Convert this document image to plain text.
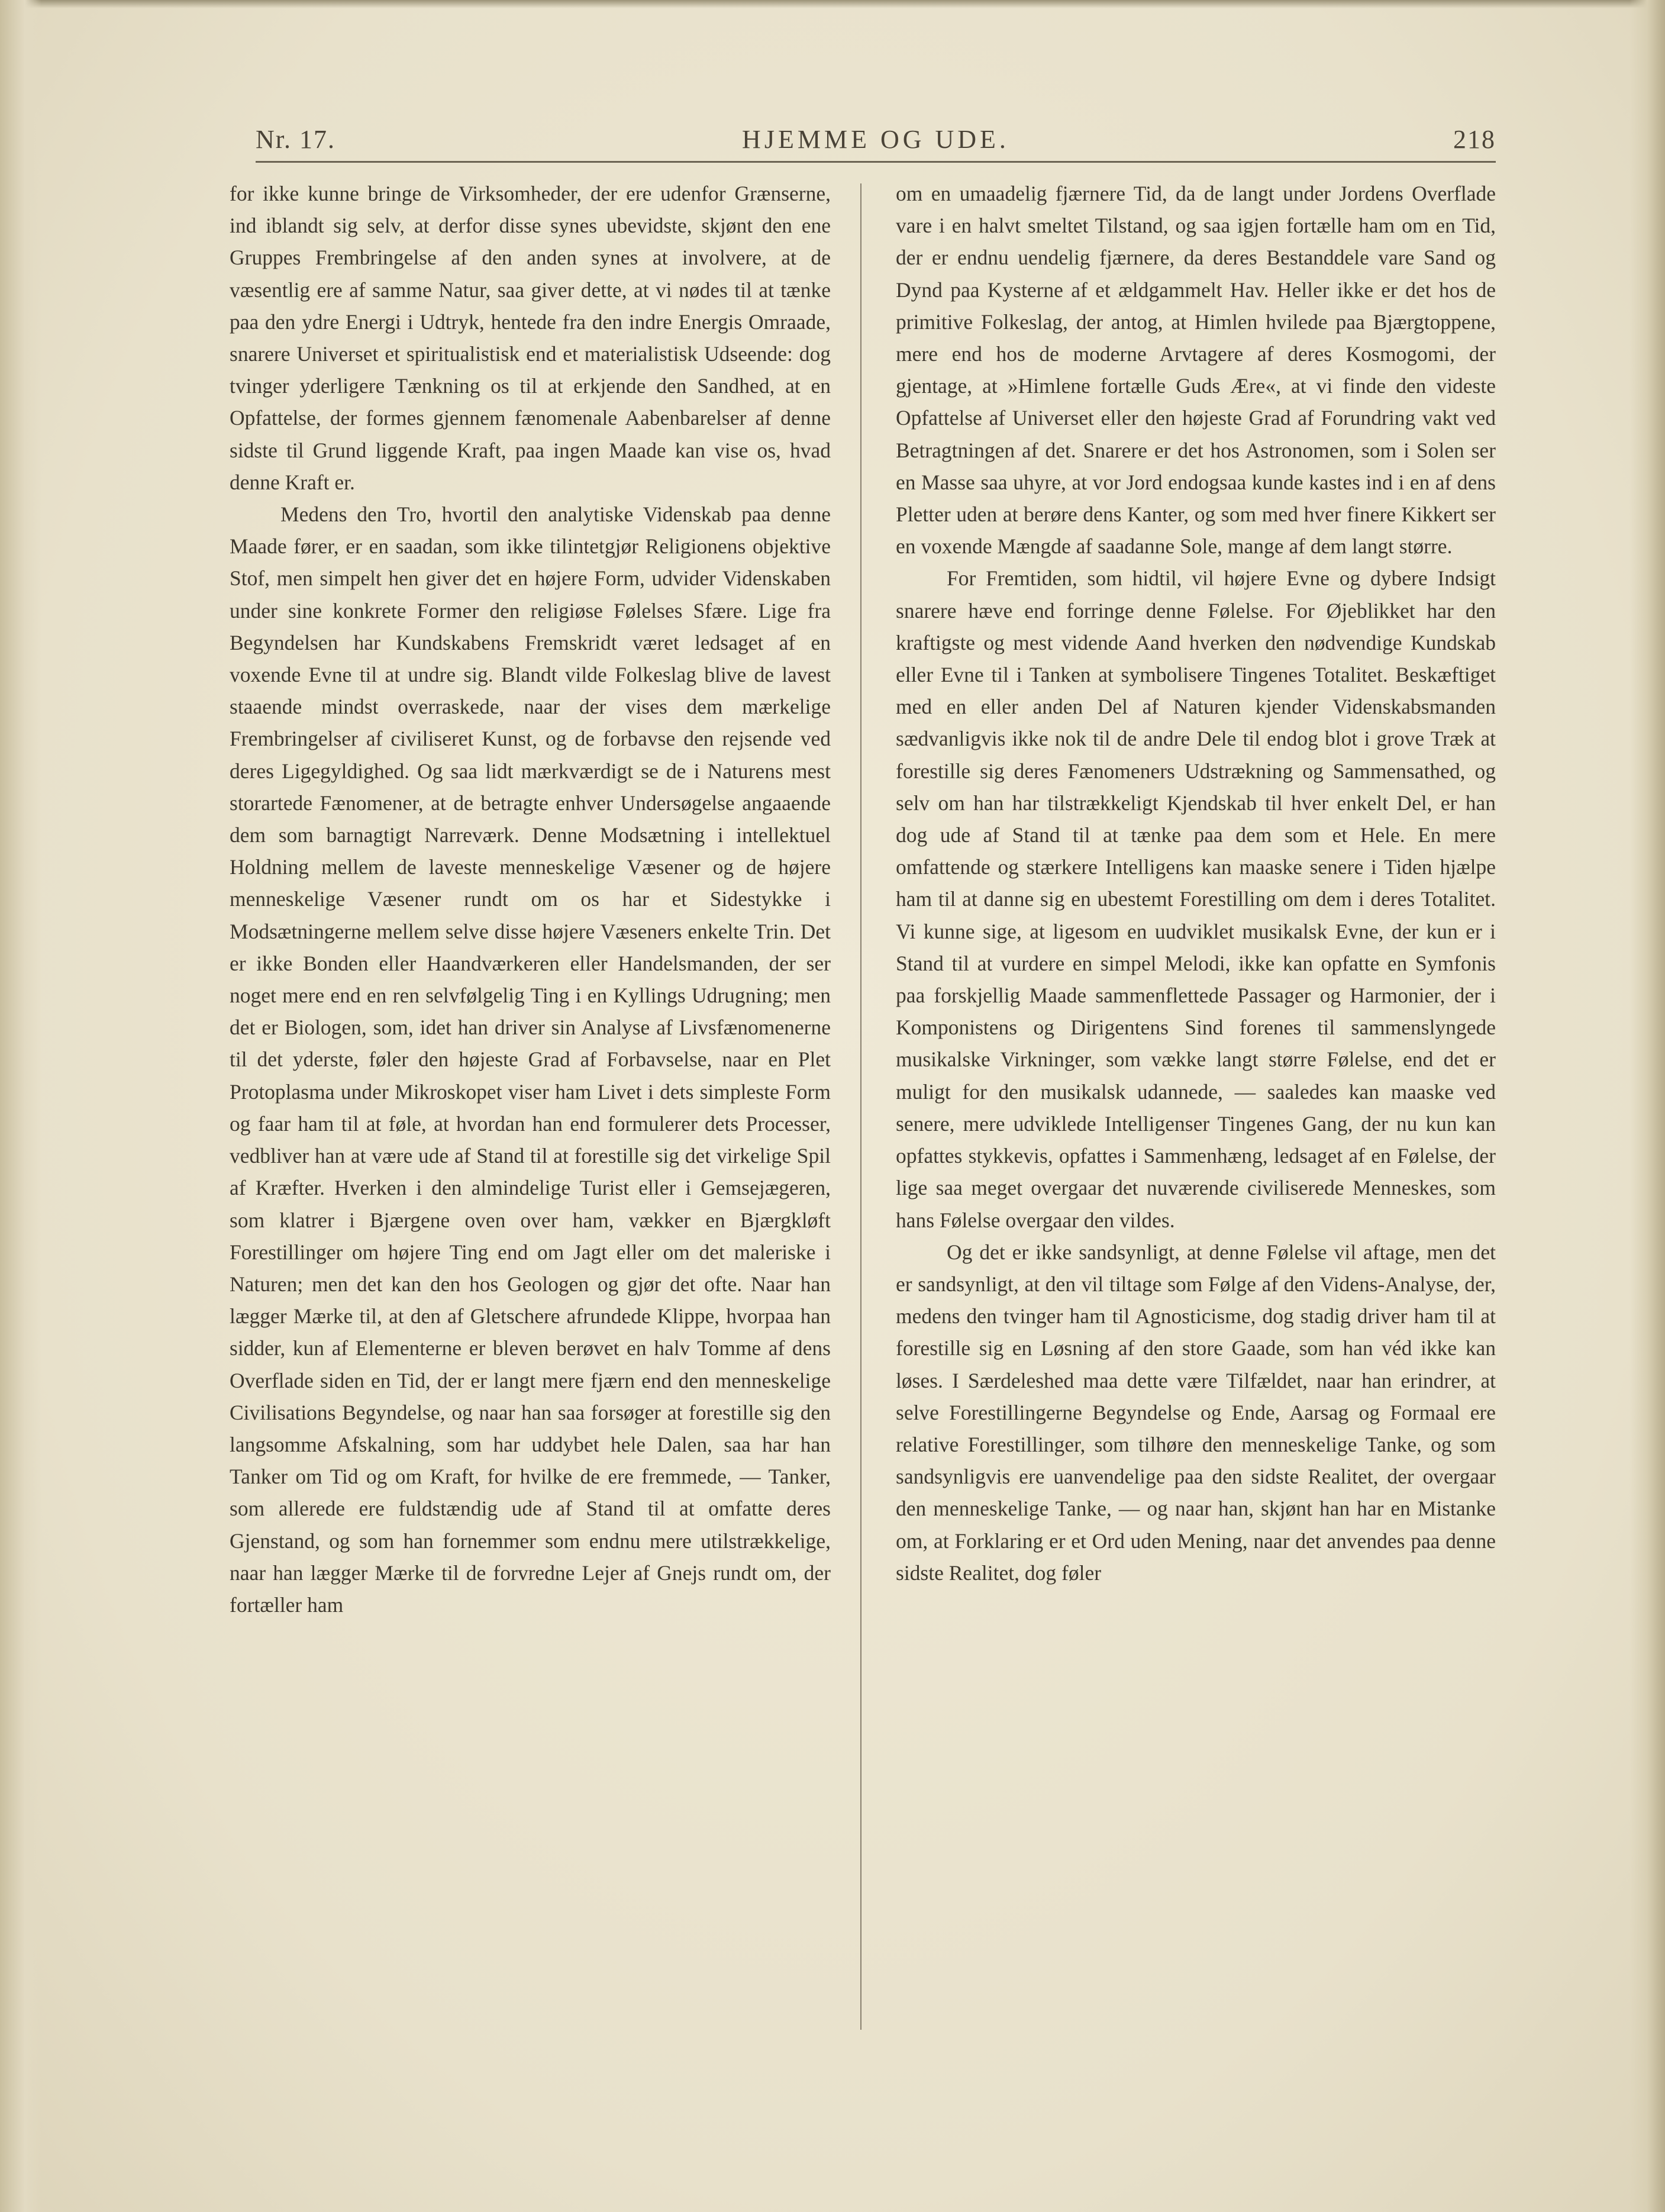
HJEMME OG UDE.
Nr. 17.	218

for ikke kunne bringe de Virksomheder, der ere udenfor Grænserne, ind iblandt sig selv, at derfor disse synes ubevidste, skjønt den ene Gruppes Frembringelse af den anden synes at involvere, at de væsentlig ere af samme Natur, saa giver dette, at vi nødes til at tænke paa den ydre Energi i Udtryk, hentede fra den indre Energis Omraade, snarere Universet et spiritualistisk end et materialistisk Udseende: dog tvinger yderligere Tænkning os til at erkjende den Sandhed, at en Opfattelse, der formes gjennem fænomenale Aabenbarelser af denne sidste til Grund liggende Kraft, paa ingen Maade kan vise os, hvad denne Kraft er.

Medens den Tro, hvortil den analytiske Videnskab paa denne Maade fører, er en saadan, som ikke tilintetgjør Religionens objektive Stof, men simpelt hen giver det en højere Form, udvider Videnskaben under sine konkrete Former den religiøse Følelses Sfære. Lige fra Begyndelsen har Kundskabens Fremskridt været ledsaget af en voxende Evne til at undre sig. Blandt vilde Folkeslag blive de lavest staaende mindst overraskede, naar der vises dem mærkelige Frembringelser af civiliseret Kunst, og de forbavse den rejsende ved deres Ligegyldighed. Og saa lidt mærkværdigt se de i Naturens mest storartede Fænomener, at de betragte enhver Undersøgelse angaaende dem som barnagtigt Narreværk. Denne Modsætning i intellektuel Holdning mellem de laveste menneskelige Væsener og de højere menneskelige Væsener rundt om os har et Sidestykke i Modsætningerne mellem selve disse højere Væseners enkelte Trin. Det er ikke Bonden eller Haandværkeren eller Handelsmanden, der ser noget mere end en ren selvfølgelig Ting i en Kyllings Udrugning; men det er Biologen, som, idet han driver sin Analyse af Livsfænomenerne til det yderste, føler den højeste Grad af Forbavselse, naar en Plet Protoplasma under Mikroskopet viser ham Livet i dets simpleste Form og faar ham til at føle, at hvordan han end formulerer dets Processer, vedbliver han at være ude af Stand til at forestille sig det virkelige Spil af Kræfter. Hverken i den almindelige Turist eller i Gemsejægeren, som klatrer i Bjærgene oven over ham, vækker en Bjærgkløft Forestillinger om højere Ting end om Jagt eller om det maleriske i Naturen; men det kan den hos Geologen og gjør det ofte. Naar han lægger Mærke til, at den af Gletschere afrundede Klippe, hvorpaa han sidder, kun af Elementerne er bleven berøvet en halv Tomme af dens Overflade siden en Tid, der er langt mere fjærn end den menneskelige Civilisations Begyndelse, og naar han saa forsøger at forestille sig den langsomme Afskalning, som har uddybet hele Dalen, saa har han Tanker om Tid og om Kraft, for hvilke de ere fremmede, — Tanker, som allerede ere fuldstændig ude af Stand til at omfatte deres Gjenstand, og som han fornemmer som endnu mere utilstrækkelige, naar han lægger Mærke til de forvredne Lejer af Gnejs rundt om, der fortæller ham

om en umaadelig fjærnere Tid, da de langt under Jordens Overflade vare i en halvt smeltet Tilstand, og saa igjen fortælle ham om en Tid, der er endnu uendelig fjærnere, da deres Bestanddele vare Sand og Dynd paa Kysterne af et ældgammelt Hav. Heller ikke er det hos de primitive Folkeslag, der antog, at Himlen hvilede paa Bjærgtoppene, mere end hos de moderne Arvtagere af deres Kosmogomi, der gjentage, at »Himlene fortælle Guds Ære«, at vi finde den videste Opfattelse af Universet eller den højeste Grad af Forundring vakt ved Betragtningen af det. Snarere er det hos Astronomen, som i Solen ser en Masse saa uhyre, at vor Jord endogsaa kunde kastes ind i en af dens Pletter uden at berøre dens Kanter, og som med hver finere Kikkert ser en voxende Mængde af saadanne Sole, mange af dem langt større.

For Fremtiden, som hidtil, vil højere Evne og dybere Indsigt snarere hæve end forringe denne Følelse. For Øjeblikket har den kraftigste og mest vidende Aand hverken den nødvendige Kundskab eller Evne til i Tanken at symbolisere Tingenes Totalitet. Beskæftiget med en eller anden Del af Naturen kjender Videnskabsmanden sædvanligvis ikke nok til de andre Dele til endog blot i grove Træk at forestille sig deres Fænomeners Udstrækning og Sammensathed, og selv om han har tilstrækkeligt Kjendskab til hver enkelt Del, er han dog ude af Stand til at tænke paa dem som et Hele. En mere omfattende og stærkere Intelligens kan maaske senere i Tiden hjælpe ham til at danne sig en ubestemt Forestilling om dem i deres Totalitet. Vi kunne sige, at ligesom en uudviklet musikalsk Evne, der kun er i Stand til at vurdere en simpel Melodi, ikke kan opfatte en Symfonis paa forskjellig Maade sammenflettede Passager og Harmonier, der i Komponistens og Dirigentens Sind forenes til sammenslyngede musikalske Virkninger, som vække langt større Følelse, end det er muligt for den musikalsk udannede, — saaledes kan maaske ved senere, mere udviklede Intelligenser Tingenes Gang, der nu kun kan opfattes stykkevis, opfattes i Sammenhæng, ledsaget af en Følelse, der lige saa meget overgaar det nuværende civiliserede Menneskes, som hans Følelse overgaar den vildes.

Og det er ikke sandsynligt, at denne Følelse vil aftage, men det er sandsynligt, at den vil tiltage som Følge af den Videns-Analyse, der, medens den tvinger ham til Agnosticisme, dog stadig driver ham til at forestille sig en Løsning af den store Gaade, som han véd ikke kan løses. I Særdeleshed maa dette være Tilfældet, naar han erindrer, at selve Forestillingerne Begyndelse og Ende, Aarsag og Formaal ere relative Forestillinger, som tilhøre den menneskelige Tanke, og som sandsynligvis ere uanvendelige paa den sidste Realitet, der overgaar den menneskelige Tanke, — og naar han, skjønt han har en Mistanke om, at Forklaring er et Ord uden Mening, naar det anvendes paa denne sidste Realitet, dog føler
